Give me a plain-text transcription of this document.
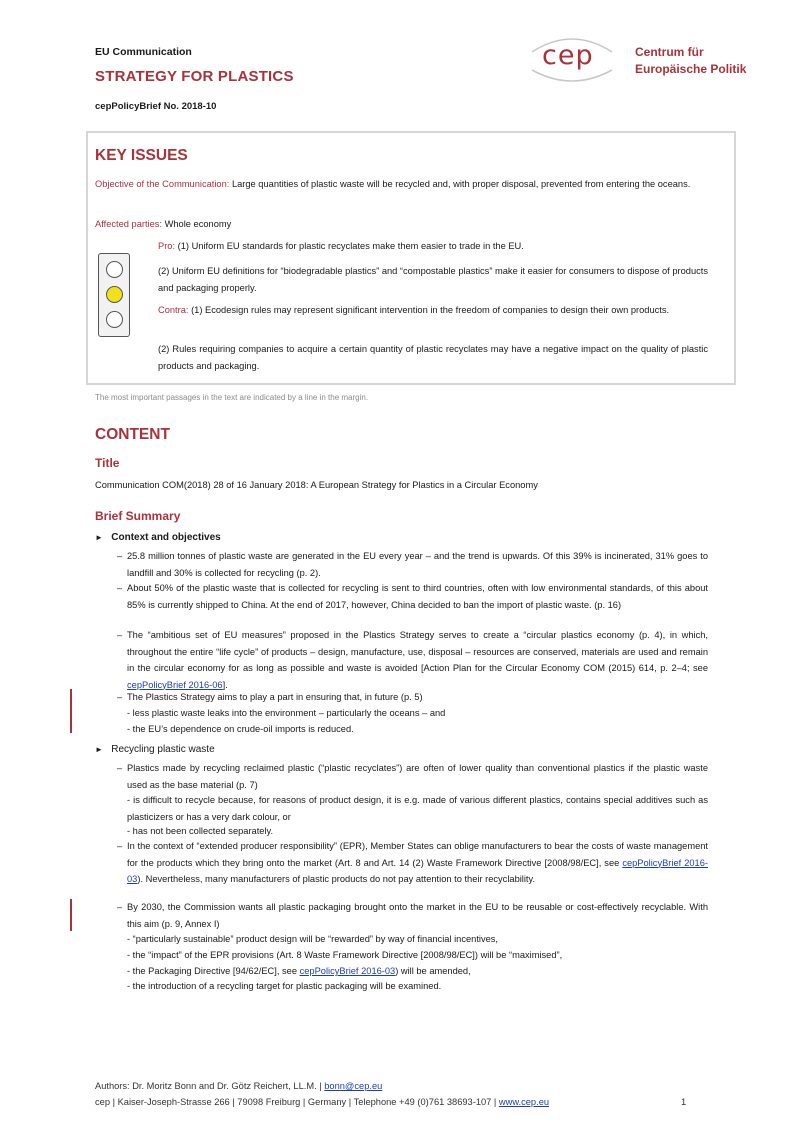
EU Communication
STRATEGY FOR PLASTICS
cepPolicyBrief No. 2018-10
cep	Centrum für
Europäische Politik
KEY ISSUES
Objective of the Communication: Large quantities of plastic waste will be recycled and, with proper disposal, prevented from entering the oceans.
Affected parties: Whole economy
Pro: (1) Uniform EU standards for plastic recyclates make them easier to trade in the EU.
(2) Uniform EU definitions for “biodegradable plastics” and “compostable plastics” make it easier for consumers to dispose of products and packaging properly.
Contra: (1) Ecodesign rules may represent significant intervention in the freedom of companies to design their own products.
(2) Rules requiring companies to acquire a certain quantity of plastic recyclates may have a negative impact on the quality of plastic products and packaging.
The most important passages in the text are indicated by a line in the margin.
CONTENT
Title
Communication COM(2018) 28 of 16 January 2018: A European Strategy for Plastics in a Circular Economy
Brief Summary
► Context and objectives
– 25.8 million tonnes of plastic waste are generated in the EU every year – and the trend is upwards. Of this 39% is incinerated, 31% goes to landfill and 30% is collected for recycling (p. 2).
– About 50% of the plastic waste that is collected for recycling is sent to third countries, often with low environmental standards, of this about 85% is currently shipped to China. At the end of 2017, however, China decided to ban the import of plastic waste. (p. 16)
– The “ambitious set of EU measures” proposed in the Plastics Strategy serves to create a “circular plastics economy (p. 4), in which, throughout the entire “life cycle” of products – design, manufacture, use, disposal – resources are conserved, materials are used and remain in the circular economy for as long as possible and waste is avoided [Action Plan for the Circular Economy COM (2015) 614, p. 2–4; see cepPolicyBrief 2016-06].
– The Plastics Strategy aims to play a part in ensuring that, in future (p. 5)
- less plastic waste leaks into the environment – particularly the oceans – and
- the EU’s dependence on crude-oil imports is reduced.
► Recycling plastic waste
– Plastics made by recycling reclaimed plastic (“plastic recyclates”) are often of lower quality than conventional plastics if the plastic waste used as the base material (p. 7)
- is difficult to recycle because, for reasons of product design, it is e.g. made of various different plastics, contains special additives such as plasticizers or has a very dark colour, or
- has not been collected separately.
– In the context of “extended producer responsibility” (EPR), Member States can oblige manufacturers to bear the costs of waste management for the products which they bring onto the market (Art. 8 and Art. 14 (2) Waste Framework Directive [2008/98/EC], see cepPolicyBrief 2016-03). Nevertheless, many manufacturers of plastic products do not pay attention to their recyclability.
– By 2030, the Commission wants all plastic packaging brought onto the market in the EU to be reusable or cost-effectively recyclable. With this aim (p. 9, Annex I)
- “particularly sustainable” product design will be “rewarded” by way of financial incentives,
- the “impact” of the EPR provisions (Art. 8 Waste Framework Directive [2008/98/EC]) will be “maximised”,
- the Packaging Directive [94/62/EC], see cepPolicyBrief 2016-03) will be amended,
- the introduction of a recycling target for plastic packaging will be examined.
Authors: Dr. Moritz Bonn and Dr. Götz Reichert, LL.M. | bonn@cep.eu
cep | Kaiser-Joseph-Strasse 266 | 79098 Freiburg | Germany | Telephone +49 (0)761 38693-107 | www.cep.eu	1
